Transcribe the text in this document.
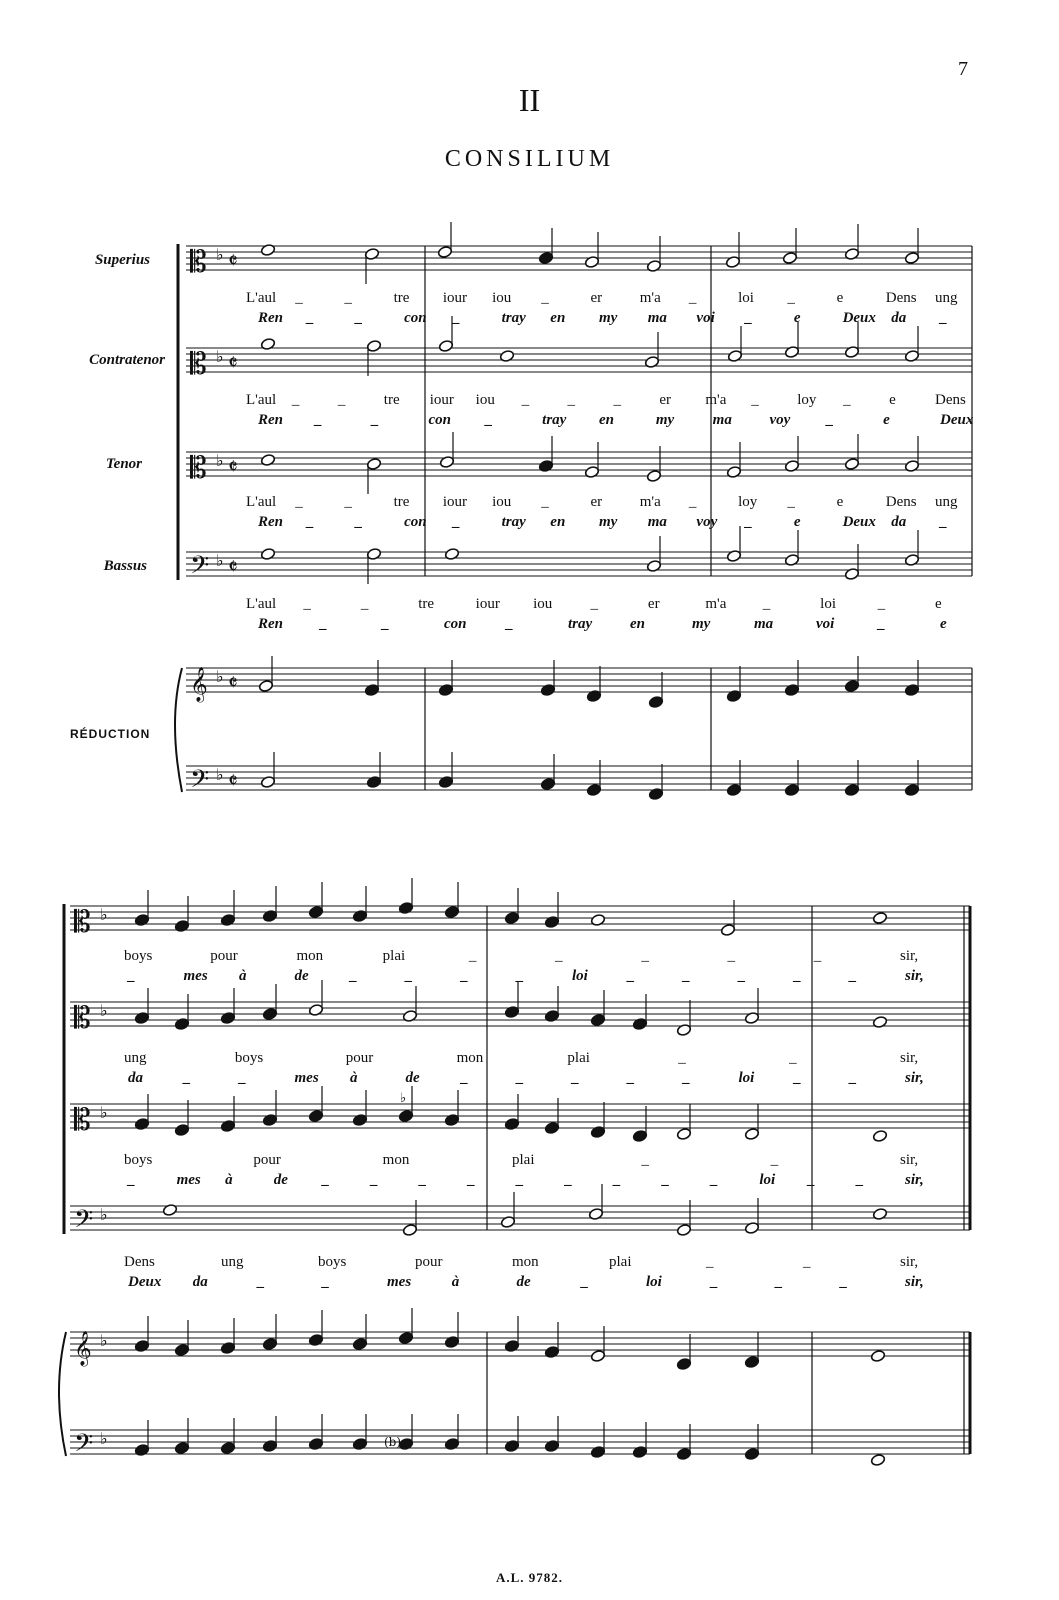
7
II
CONSILIUM
Superius
Contratenor
Tenor
Bassus
RÉDUCTION
𝄡 ♭ 𝄵
𝄡 ♭ 𝄵
𝄡 ♭ 𝄵
𝄢 ♭ 𝄵
𝄞 ♭ 𝄵
𝄢 ♭ 𝄵
𝄡 ♭
𝄡 ♭
𝄡 ♭
𝄢 ♭
𝄞 ♭
𝄢 ♭
♭
(b)
L'aul _	_	tre iour iou _	er	m'a _	loi _	e	Dens ung
Ren _	_	con _	tray en my ma voi _	e	Deux da _
L'aul _	_	tre iour iou _	_	_	er m'a _	loy _	e	Dens
Ren _	_	con _	tray en	my	ma	voy _	e	Deux
L'aul _	_	tre iour iou _	er	m'a _	loy _	e	Dens ung
Ren _	_	con _	tray en my ma voy _	e	Deux da _
L'aul _	_	tre	iour iou	_	er	m'a _	loi	_	e
Ren _	_	con	_	tray	en	my	ma	voi	_	e
boys	pour	mon	plai	_	_	_	_	_	sir,
_	mes à	de	_	_	_	_	loi	_	_	_	_	_	sir,
ung	boys	pour	mon	plai	_	_	sir,
da	_	_	mes à	de	_	_	_	_	_	loi	_	_	sir,
boys	pour	mon	plai	_	_	sir,
_	mes à	de _	_	_	_	_	_	_	_	_	loi _	_	sir,
Dens	ung	boys	pour	mon	plai	_	_	sir,
Deux da	_	_	mes	à	de	_	loi	_	_	_	sir,
A.L. 9782.
